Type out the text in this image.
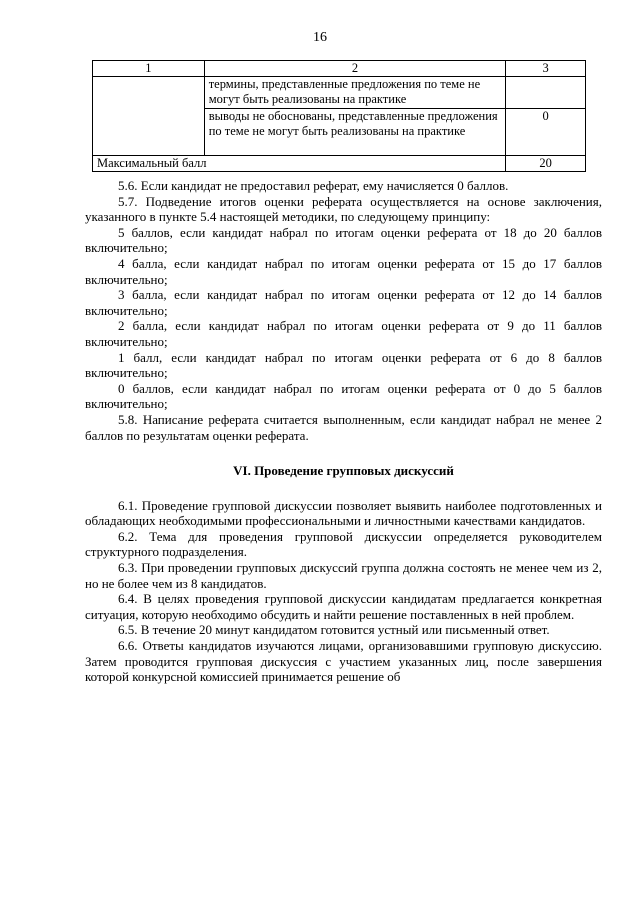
16
1	2	3
	термины, представленные предложения по теме не могут быть реализованы на практике	
	выводы не обоснованы, представленные предложения по теме не могут быть реализованы на практике	0
Максимальный балл		20

5.6. Если кандидат не предоставил реферат, ему начисляется 0 баллов.

5.7. Подведение итогов оценки реферата осуществляется на основе заключения, указанного в пункте 5.4 настоящей методики, по следующему принципу:

5 баллов, если кандидат набрал по итогам оценки реферата от 18 до 20 баллов включительно;

4 балла, если кандидат набрал по итогам оценки реферата от 15 до 17 баллов включительно;

3 балла, если кандидат набрал по итогам оценки реферата от 12 до 14 баллов включительно;

2 балла, если кандидат набрал по итогам оценки реферата от 9 до 11 баллов включительно;

1 балл, если кандидат набрал по итогам оценки реферата от 6 до 8 баллов включительно;

0 баллов, если кандидат набрал по итогам оценки реферата от 0 до 5 баллов включительно;

5.8. Написание реферата считается выполненным, если кандидат набрал не менее 2 баллов по результатам оценки реферата.

VI. Проведение групповых дискуссий

6.1. Проведение групповой дискуссии позволяет выявить наиболее подготовленных и обладающих необходимыми профессиональными и личностными качествами кандидатов.

6.2. Тема для проведения групповой дискуссии определяется руководителем структурного подразделения.

6.3. При проведении групповых дискуссий группа должна состоять не менее чем из 2, но не более чем из 8 кандидатов.

6.4. В целях проведения групповой дискуссии кандидатам предлагается конкретная ситуация, которую необходимо обсудить и найти решение поставленных в ней проблем.

6.5. В течение 20 минут кандидатом готовится устный или письменный ответ.

6.6. Ответы кандидатов изучаются лицами, организовавшими групповую дискуссию. Затем проводится групповая дискуссия с участием указанных лиц, после завершения которой конкурсной комиссией принимается решение об
